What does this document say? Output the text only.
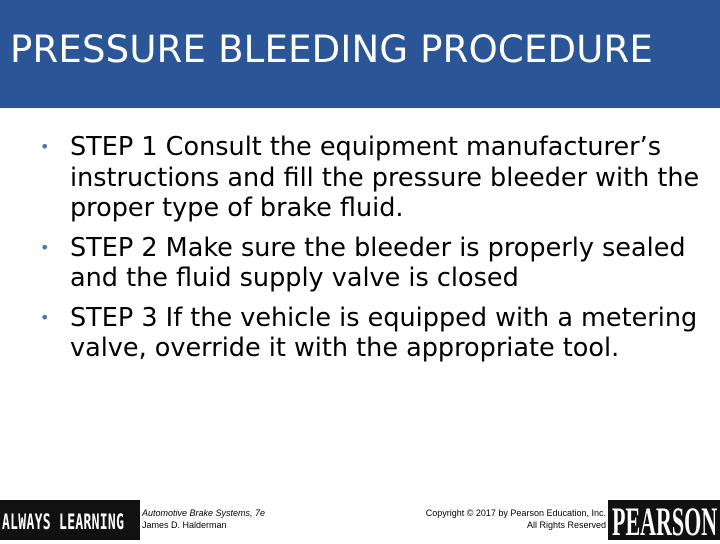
PRESSURE BLEEDING PROCEDURE
• STEP 1 Consult the equipment manufacturer’s instructions and fill the pressure bleeder with the proper type of brake fluid.
• STEP 2 Make sure the bleeder is properly sealed and the fluid supply valve is closed
• STEP 3 If the vehicle is equipped with a metering valve, override it with the appropriate tool.
ALWAYS LEARNING Automotive Brake Systems, 7e
James D. Halderman
Copyright © 2017 by Pearson Education, Inc.
All Rights Reserved PEARSON
